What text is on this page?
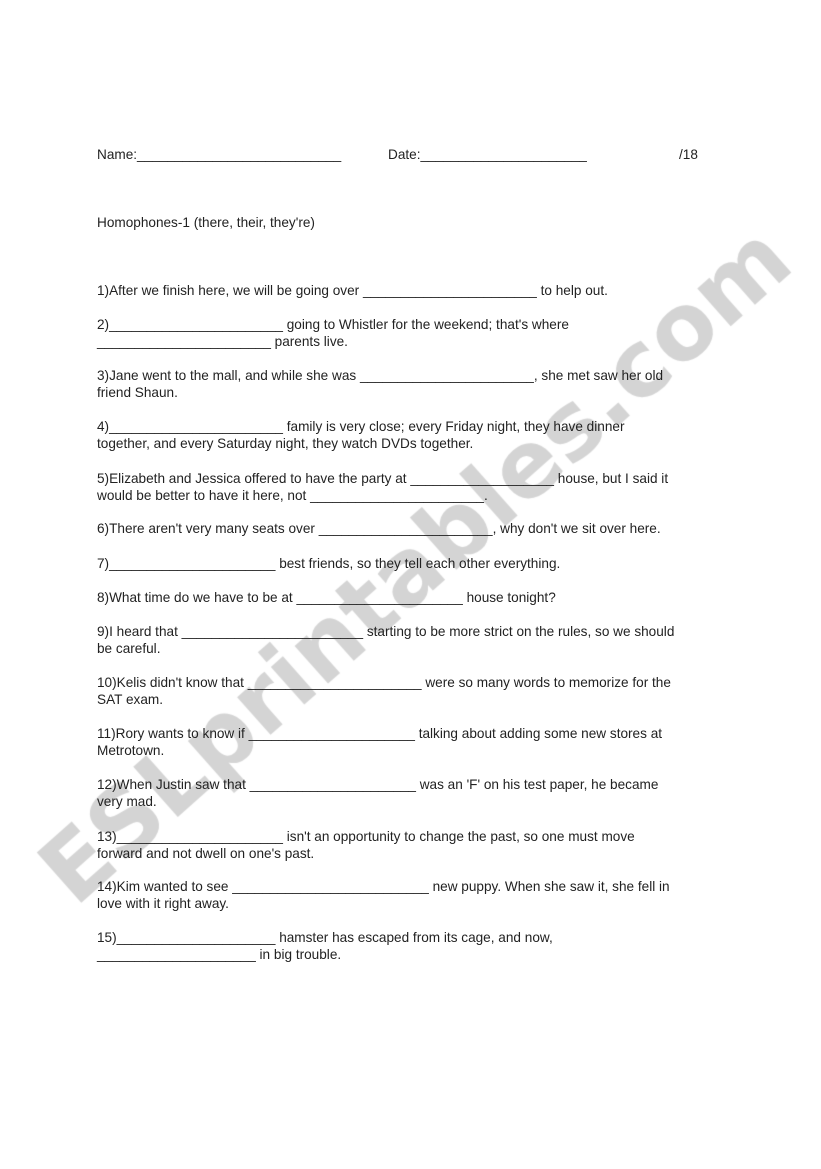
Name:___________________________	Date:______________________	/18
Homophones-1 (there, their, they're)
1)After we finish here, we will be going over _______________________ to help out.
2)_______________________ going to Whistler for the weekend; that's where
_______________________ parents live.
3)Jane went to the mall, and while she was _______________________, she met saw her old
friend Shaun.
4)_______________________ family is very close; every Friday night, they have dinner
together, and every Saturday night, they watch DVDs together.
5)Elizabeth and Jessica offered to have the party at ___________________ house, but I said it
would be better to have it here, not _______________________.
6)There aren't very many seats over _______________________, why don't we sit over here.
7)______________________ best friends, so they tell each other everything.
8)What time do we have to be at ______________________ house tonight?
9)I heard that ________________________ starting to be more strict on the rules, so we should
be careful.
10)Kelis didn't know that _______________________ were so many words to memorize for the
SAT exam.
11)Rory wants to know if ______________________ talking about adding some new stores at
Metrotown.
12)When Justin saw that ______________________ was an 'F' on his test paper, he became
very mad.
13)______________________ isn't an opportunity to change the past, so one must move
forward and not dwell on one's past.
14)Kim wanted to see __________________________ new puppy. When she saw it, she fell in
love with it right away.
15)_____________________ hamster has escaped from its cage, and now,
_____________________ in big trouble.
